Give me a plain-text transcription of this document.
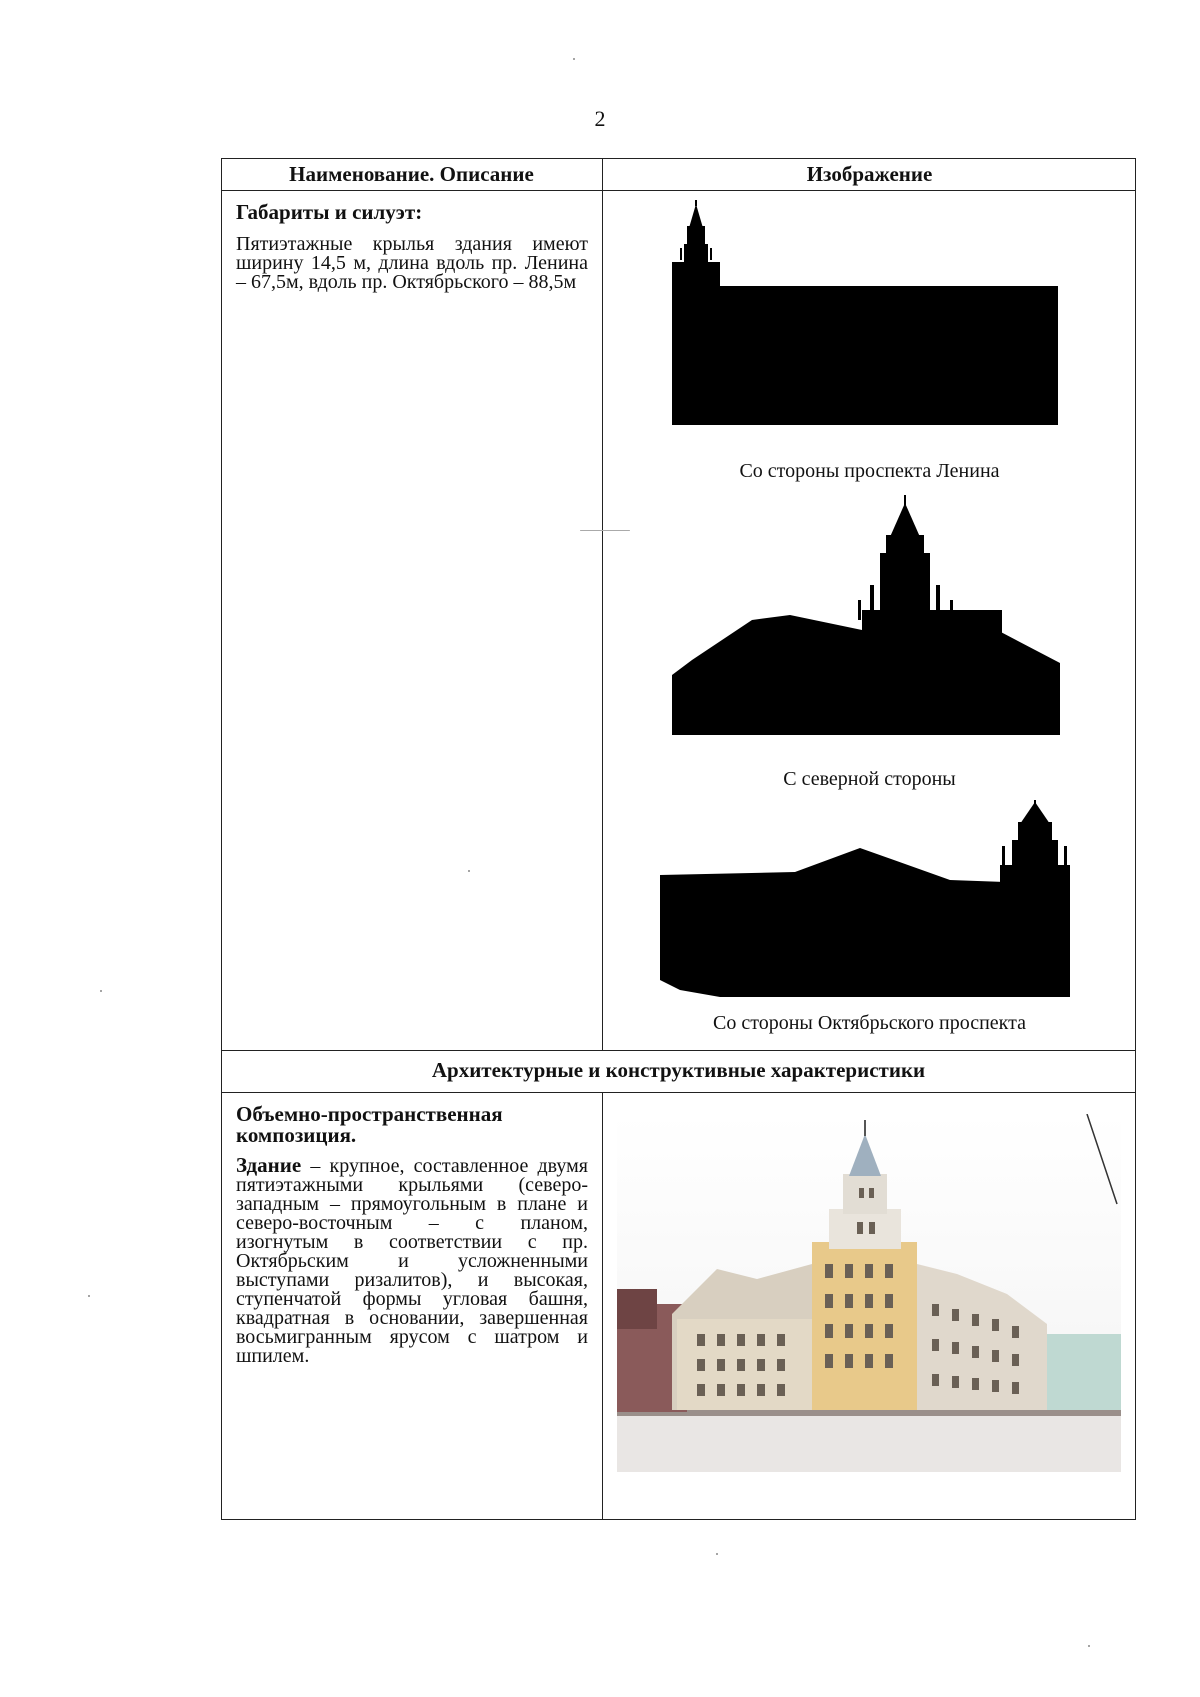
2
Наименование. Описание	Изображение
Габариты и силуэт:
Пятиэтажные крылья здания имеют ширину 14,5 м, длина вдоль пр. Ленина – 67,5м, вдоль пр. Октябрьского – 88,5м
Со стороны проспекта Ленина
С северной стороны
Со стороны Октябрьского проспекта
Архитектурные и конструктивные характеристики
Объемно-пространственная композиция.
Здание – крупное, составленное двумя пятиэтажными крыльями (северо-западным – прямоугольным в плане и северо-восточным – с планом, изогнутым в соответствии с пр. Октябрьским и усложненными выступами ризалитов), и высокая, ступенчатой формы угловая башня, квадратная в основании, завершенная восьмигранным ярусом с шатром и шпилем.
